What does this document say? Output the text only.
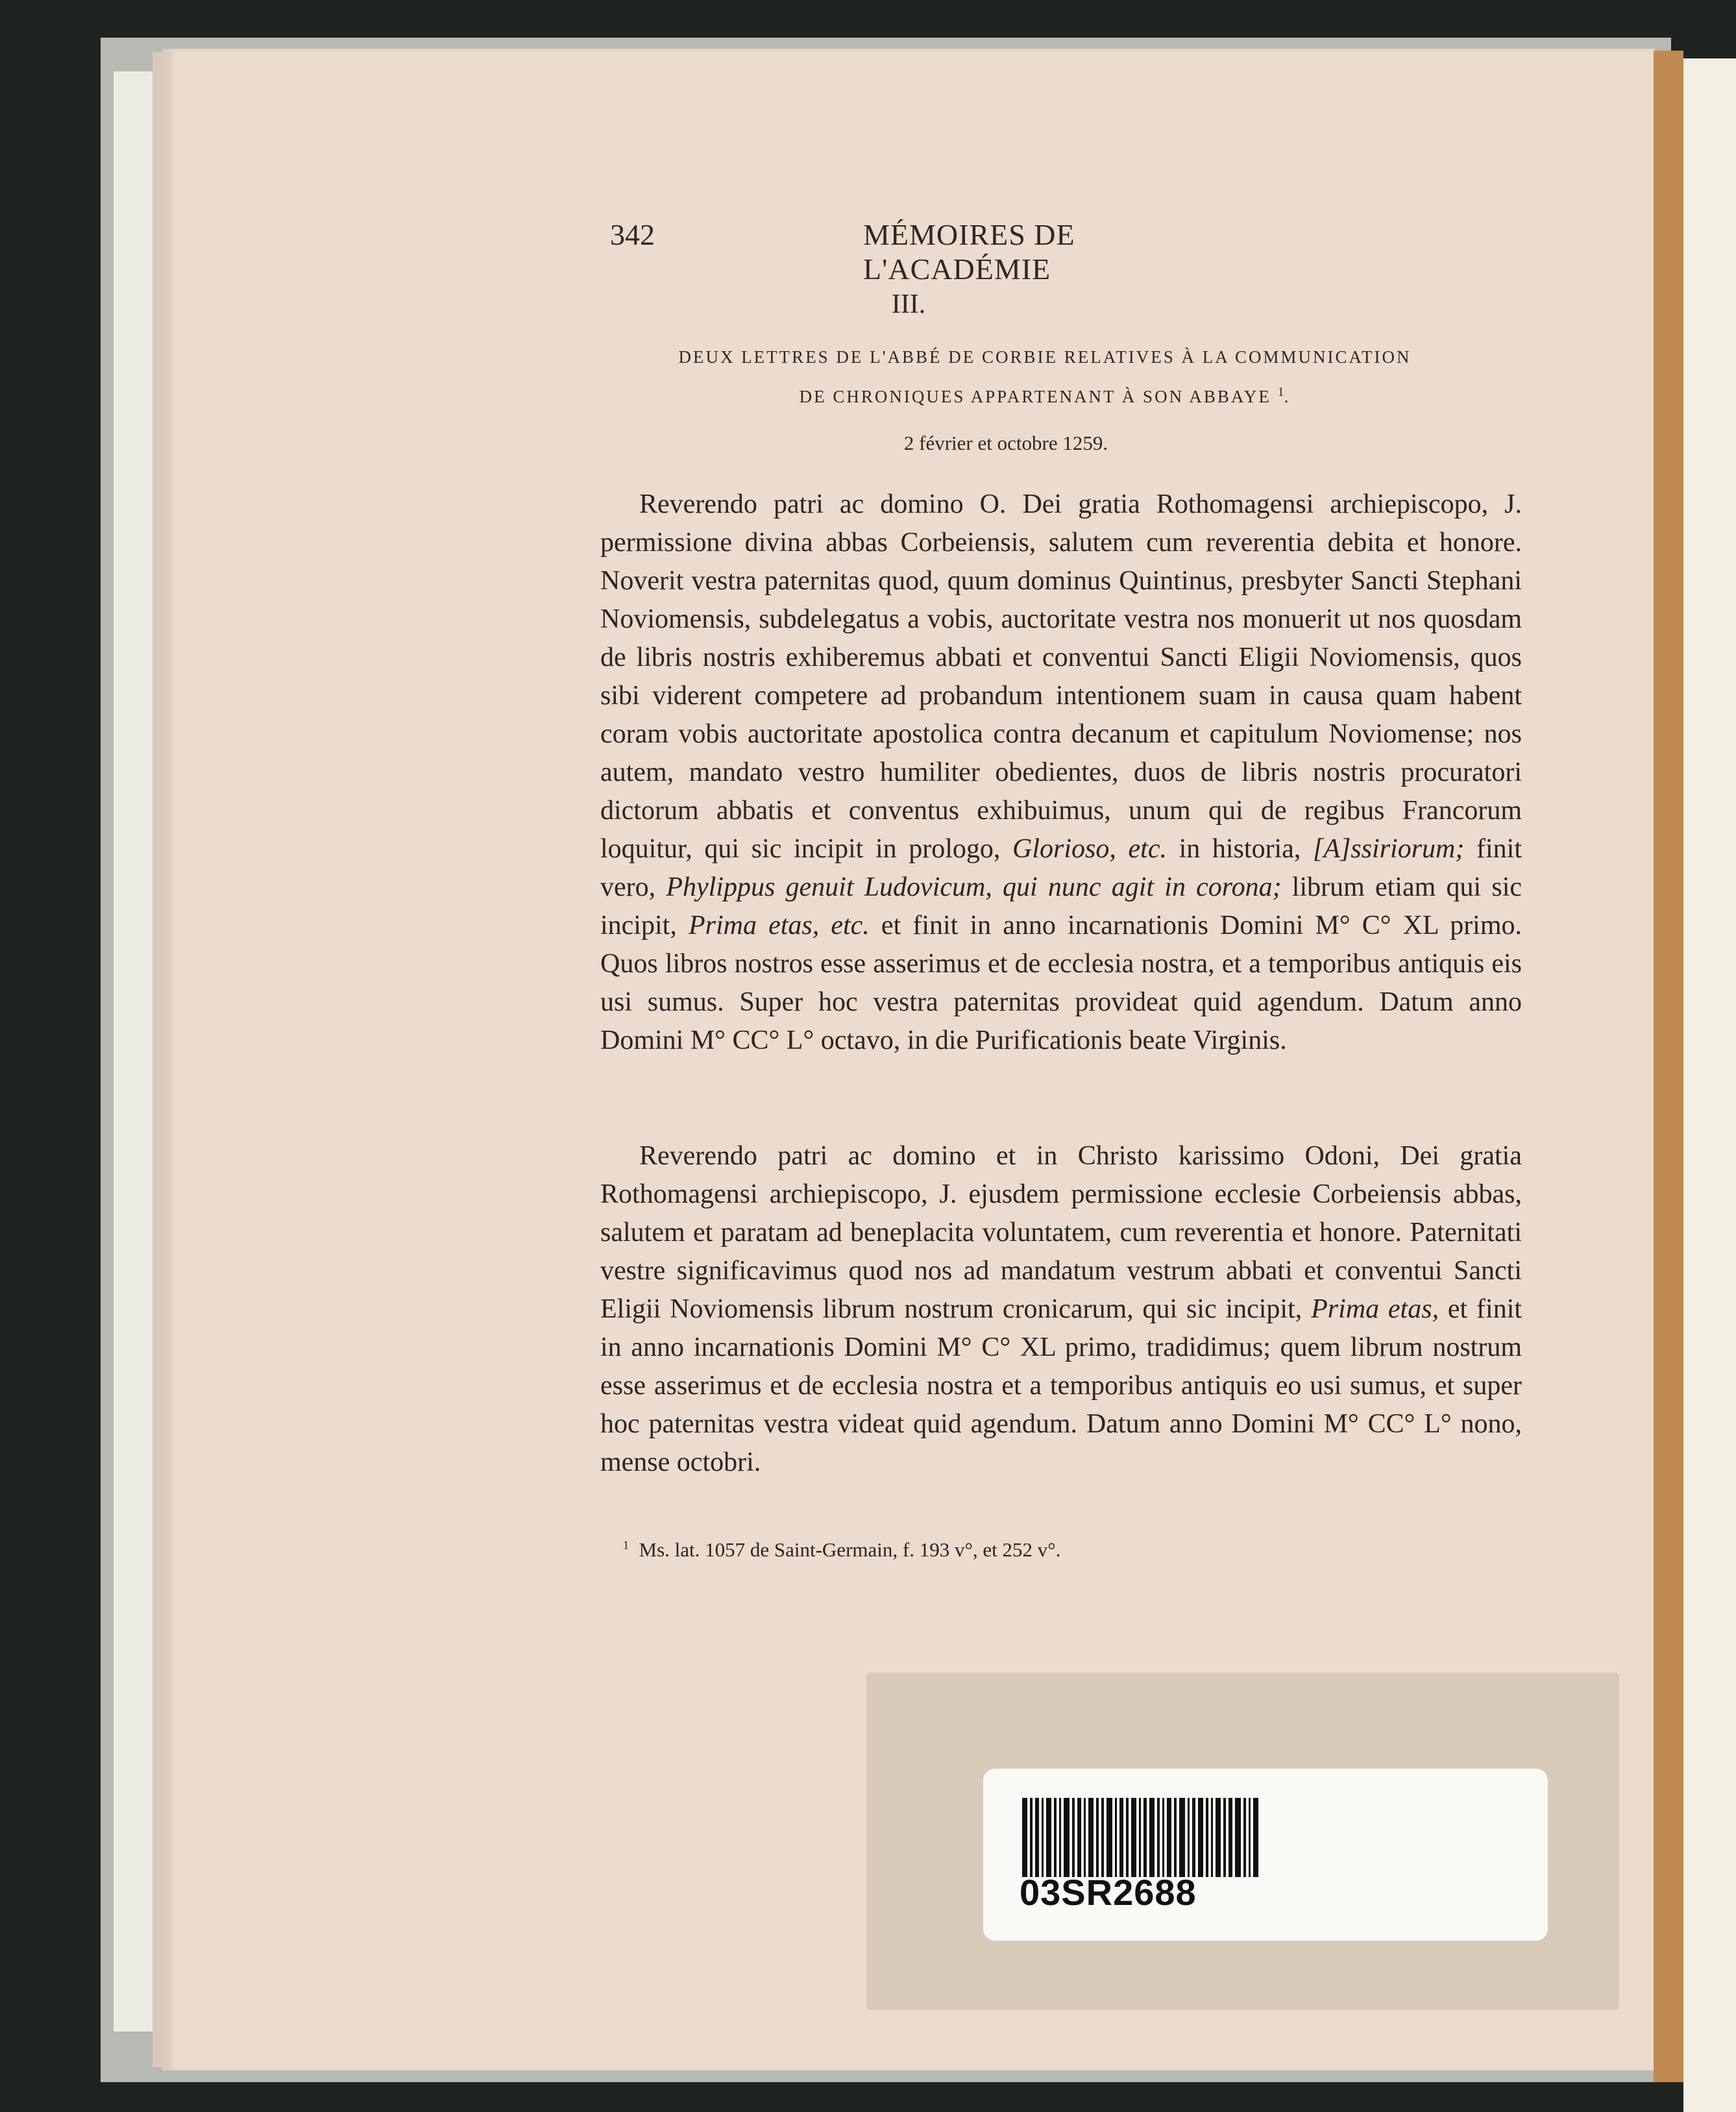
342	MÉMOIRES DE L'ACADÉMIE
III.
DEUX LETTRES DE L'ABBÉ DE CORBIE RELATIVES À LA COMMUNICATION
DE CHRONIQUES APPARTENANT À SON ABBAYE $^1$.
2 février et octobre 1259.

Reverendo patri ac domino O. Dei gratia Rothomagensi archiepiscopo, J. permissione divina abbas Corbeiensis, salutem cum reverentia debita et honore. Noverit vestra paternitas quod, quum dominus Quintinus, presbyter Sancti Stephani Noviomensis, subdelegatus a vobis, auctoritate vestra nos monuerit ut nos quosdam de libris nostris exhiberemus abbati et conventui Sancti Eligii Noviomensis, quos sibi viderent competere ad probandum intentionem suam in causa quam habent coram vobis auctoritate apostolica contra decanum et capitulum Noviomense; nos autem, mandato vestro humiliter obedientes, duos de libris nostris procuratori dictorum abbatis et conventus exhibuimus, unum qui de regibus Francorum loquitur, qui sic incipit in prologo, Glorioso, etc. in historia, [A]ssiriorum; finit vero, Phylippus genuit Ludovicum, qui nunc agit in corona; librum etiam qui sic incipit, Prima etas, etc. et finit in anno incarnationis Domini M° C° XL primo. Quos libros nostros esse asserimus et de ecclesia nostra, et a temporibus antiquis eis usi sumus. Super hoc vestra paternitas provideat quid agendum. Datum anno Domini M° CC° L° octavo, in die Purificationis beate Virginis.

Reverendo patri ac domino et in Christo karissimo Odoni, Dei gratia Rothomagensi archiepiscopo, J. ejusdem permissione ecclesie Corbeiensis abbas, salutem et paratam ad beneplacita voluntatem, cum reverentia et honore. Paternitati vestre significavimus quod nos ad mandatum vestrum abbati et conventui Sancti Eligii Noviomensis librum nostrum cronicarum, qui sic incipit, Prima etas, et finit in anno incarnationis Domini M° C° XL primo, tradidimus; quem librum nostrum esse asserimus et de ecclesia nostra et a temporibus antiquis eo usi sumus, et super hoc paternitas vestra videat quid agendum. Datum anno Domini M° CC° L° nono, mense octobri.

$^1$ Ms. lat. 1057 de Saint-Germain, f. 193 v°, et 252 v°.
03SR2688
